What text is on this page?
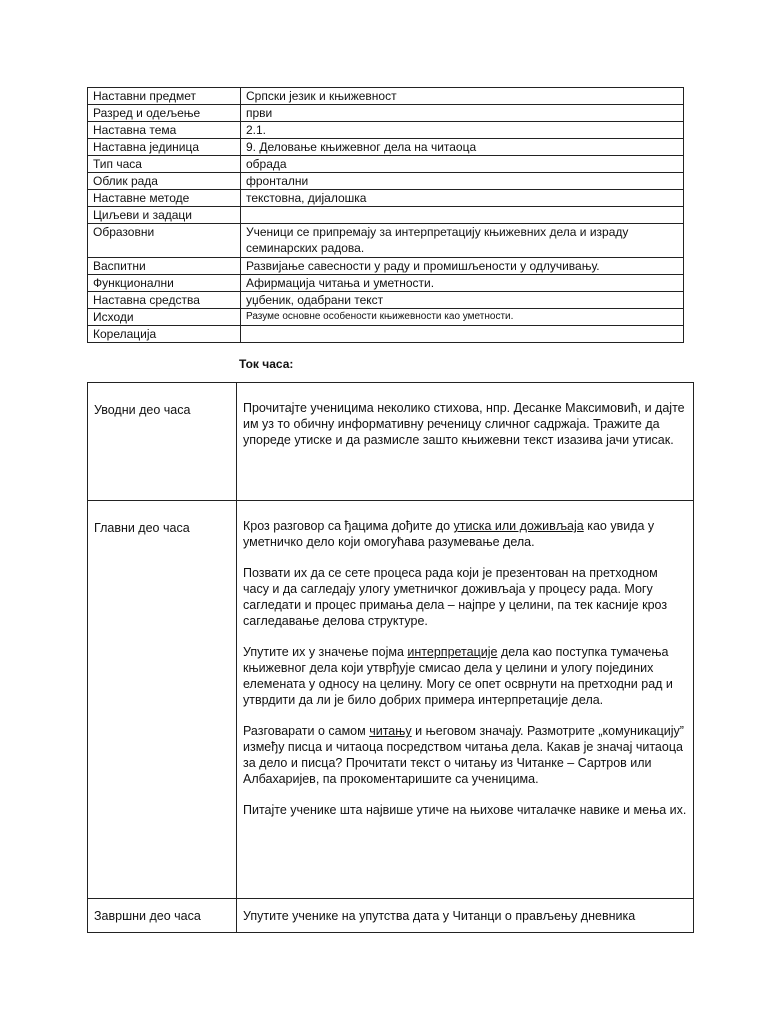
Наставни предмет	Српски језик и књижевност
Разред и одељење	први
Наставна тема	2.1.
Наставна јединица	9. Деловање књижевног дела на читаоца
Тип часа	обрада
Облик рада	фронтални
Наставне методе	текстовна, дијалошка
Циљеви и задаци	
Образовни	Ученици се припремају за интерпретацију књижевних дела и израду семинарских радова.
Васпитни	Развијање савесности у раду и промишљености у одлучивању.
Функционални	Афирмација читања и уметности.
Наставна средства	уџбеник, одабрани текст
Исходи	Разуме основне особености књижевности као уметности.
Корелација	
Ток часа:
Уводни део часа	Прочитајте ученицима неколико стихова, нпр. Десанке Максимовић, и дајте им уз то обичну информативну реченицу сличног садржаја. Тражите да упореде утиске и да размисле зашто књижевни текст изазива јачи утисак.
Главни део часа	Кроз разговор са ђацима дођите до утиска или доживљаја као увида у уметничко дело који омогућава разумевање дела.

Позвати их да се сете процеса рада који је презентован на претходном часу и да сагледају улогу уметничког доживљаја у процесу рада. Могу сагледати и процес примања дела – најпре у целини, па тек касније кроз сагледавање делова структуре.

Упутите их у значење појма интерпретације дела као поступка тумачења књижевног дела који утврђује смисао дела у целини и улогу појединих елемената у односу на целину. Могу се опет осврнути на претходни рад и утврдити да ли је било добрих примера интерпретације дела.

Разговарати о самом читању и његовом значају. Размотрите „комуникацију” између писца и читаоца посредством читања дела. Какав је значај читаоца за дело и писца? Прочитати текст о читању из Читанке – Сартров или Албахаријев, па прокоментаришите са ученицима.

Питајте ученике шта највише утиче на њихове читалачке навике и мења их.

Завршни део часа	Упутите ученике на упутства дата у Читанци о прављењу дневника
